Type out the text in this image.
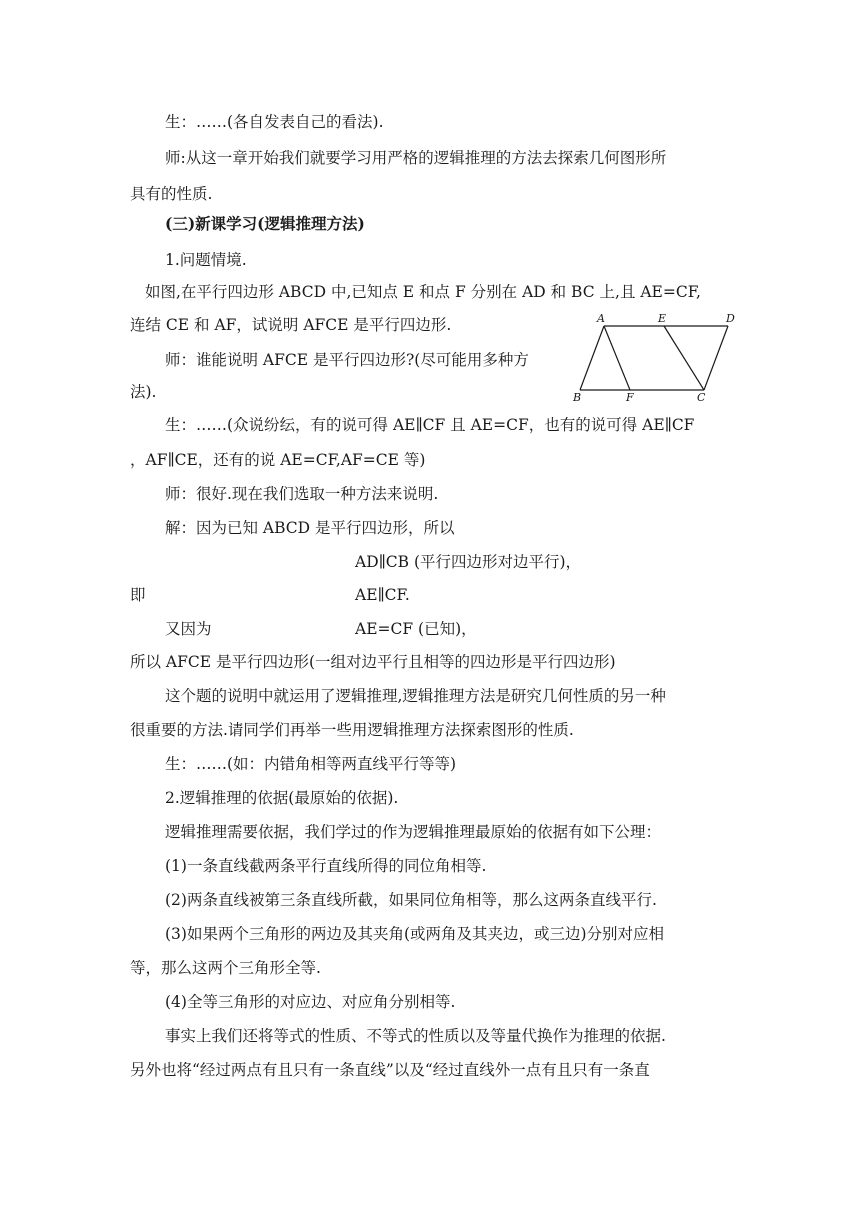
生：……(各自发表自己的看法).
师:从这一章开始我们就要学习用严格的逻辑推理的方法去探索几何图形所
具有的性质.
(三)新课学习(逻辑推理方法)
1.问题情境.
如图,在平行四边形 ABCD 中,已知点 E 和点 F 分别在 AD 和 BC 上,且 AE=CF,
连结 CE 和 AF，试说明 AFCE 是平行四边形.
师：谁能说明 AFCE 是平行四边形?(尽可能用多种方
法).
A	E	D
B	F	C
生：……(众说纷纭，有的说可得 AE∥CF 且 AE=CF，也有的说可得 AE∥CF
，AF∥CE，还有的说 AE=CF,AF=CE 等)
师：很好.现在我们选取一种方法来说明.
解：因为已知 ABCD 是平行四边形，所以
AD∥CB (平行四边形对边平行)，
即	AE∥CF.
又因为	AE=CF (已知)，
所以 AFCE 是平行四边形(一组对边平行且相等的四边形是平行四边形)
这个题的说明中就运用了逻辑推理,逻辑推理方法是研究几何性质的另一种
很重要的方法.请同学们再举一些用逻辑推理方法探索图形的性质.
生：……(如：内错角相等两直线平行等等)
2.逻辑推理的依据(最原始的依据).
逻辑推理需要依据，我们学过的作为逻辑推理最原始的依据有如下公理：
(1)一条直线截两条平行直线所得的同位角相等.
(2)两条直线被第三条直线所截，如果同位角相等，那么这两条直线平行.
(3)如果两个三角形的两边及其夹角(或两角及其夹边，或三边)分别对应相
等，那么这两个三角形全等.
(4)全等三角形的对应边、对应角分别相等.
事实上我们还将等式的性质、不等式的性质以及等量代换作为推理的依据.
另外也将“经过两点有且只有一条直线”以及“经过直线外一点有且只有一条直
